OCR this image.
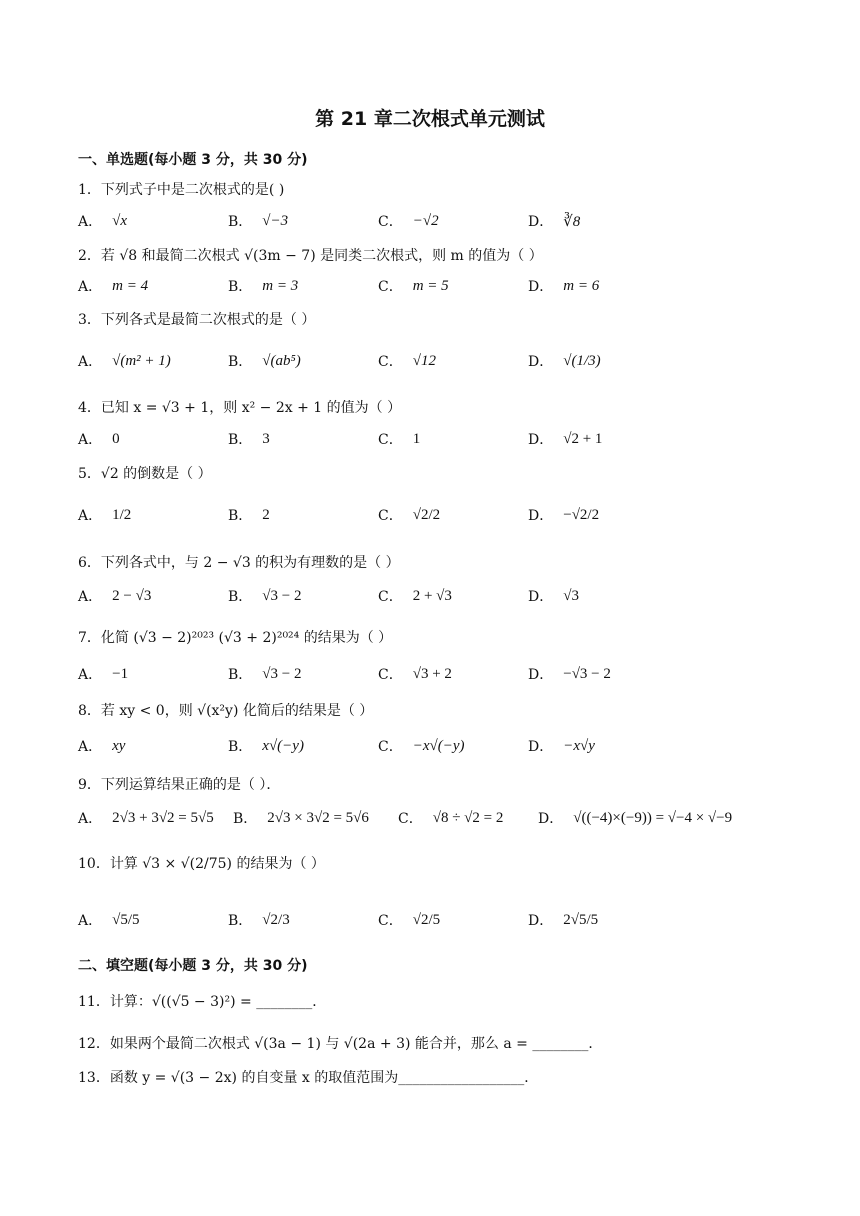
第 21 章二次根式单元测试
一、单选题(每小题 3 分，共 30 分)
1．下列式子中是二次根式的是( )
A． √x	B． √−3	C． −√2	D． ∛8
2．若 √8 和最简二次根式 √(3m − 7) 是同类二次根式，则 m 的值为（ ）
A． m = 4	B． m = 3	C． m = 5	D． m = 6
3．下列各式是最简二次根式的是（ ）
A． √(m² + 1)	B． √(ab⁵)	C． √12	D． √(1/3)
4．已知 x = √3 + 1，则 x² − 2x + 1 的值为（ ）
A． 0	B． 3	C． 1	D． √2 + 1
5．√2 的倒数是（ ）
A． 1/2	B． 2	C． √2/2	D． −√2/2
6．下列各式中，与 2 − √3 的积为有理数的是（ ）
A． 2 − √3	B． √3 − 2	C． 2 + √3	D． √3
7．化简 (√3 − 2)²⁰²³ (√3 + 2)²⁰²⁴ 的结果为（ ）
A． −1	B． √3 − 2	C． √3 + 2	D． −√3 − 2
8．若 xy < 0，则 √(x²y) 化简后的结果是（ ）
A． xy	B． x√(−y)	C． −x√(−y)	D． −x√y
9．下列运算结果正确的是（ ）．
A． 2√3 + 3√2 = 5√5 B． 2√3 × 3√2 = 5√6 C． √8 ÷ √2 = 2 D． √((−4)×(−9)) = √−4 × √−9
10．计算 √3 × √(2/75) 的结果为（ ）
A． √5/5	B． √2/3	C． √2/5	D． 2√5/5
二、填空题(每小题 3 分，共 30 分)
11．计算：√((√5 − 3)²) = ________．
12．如果两个最简二次根式 √(3a − 1) 与 √(2a + 3) 能合并，那么 a = ________．
13．函数 y = √(3 − 2x) 的自变量 x 的取值范围为__________________．
